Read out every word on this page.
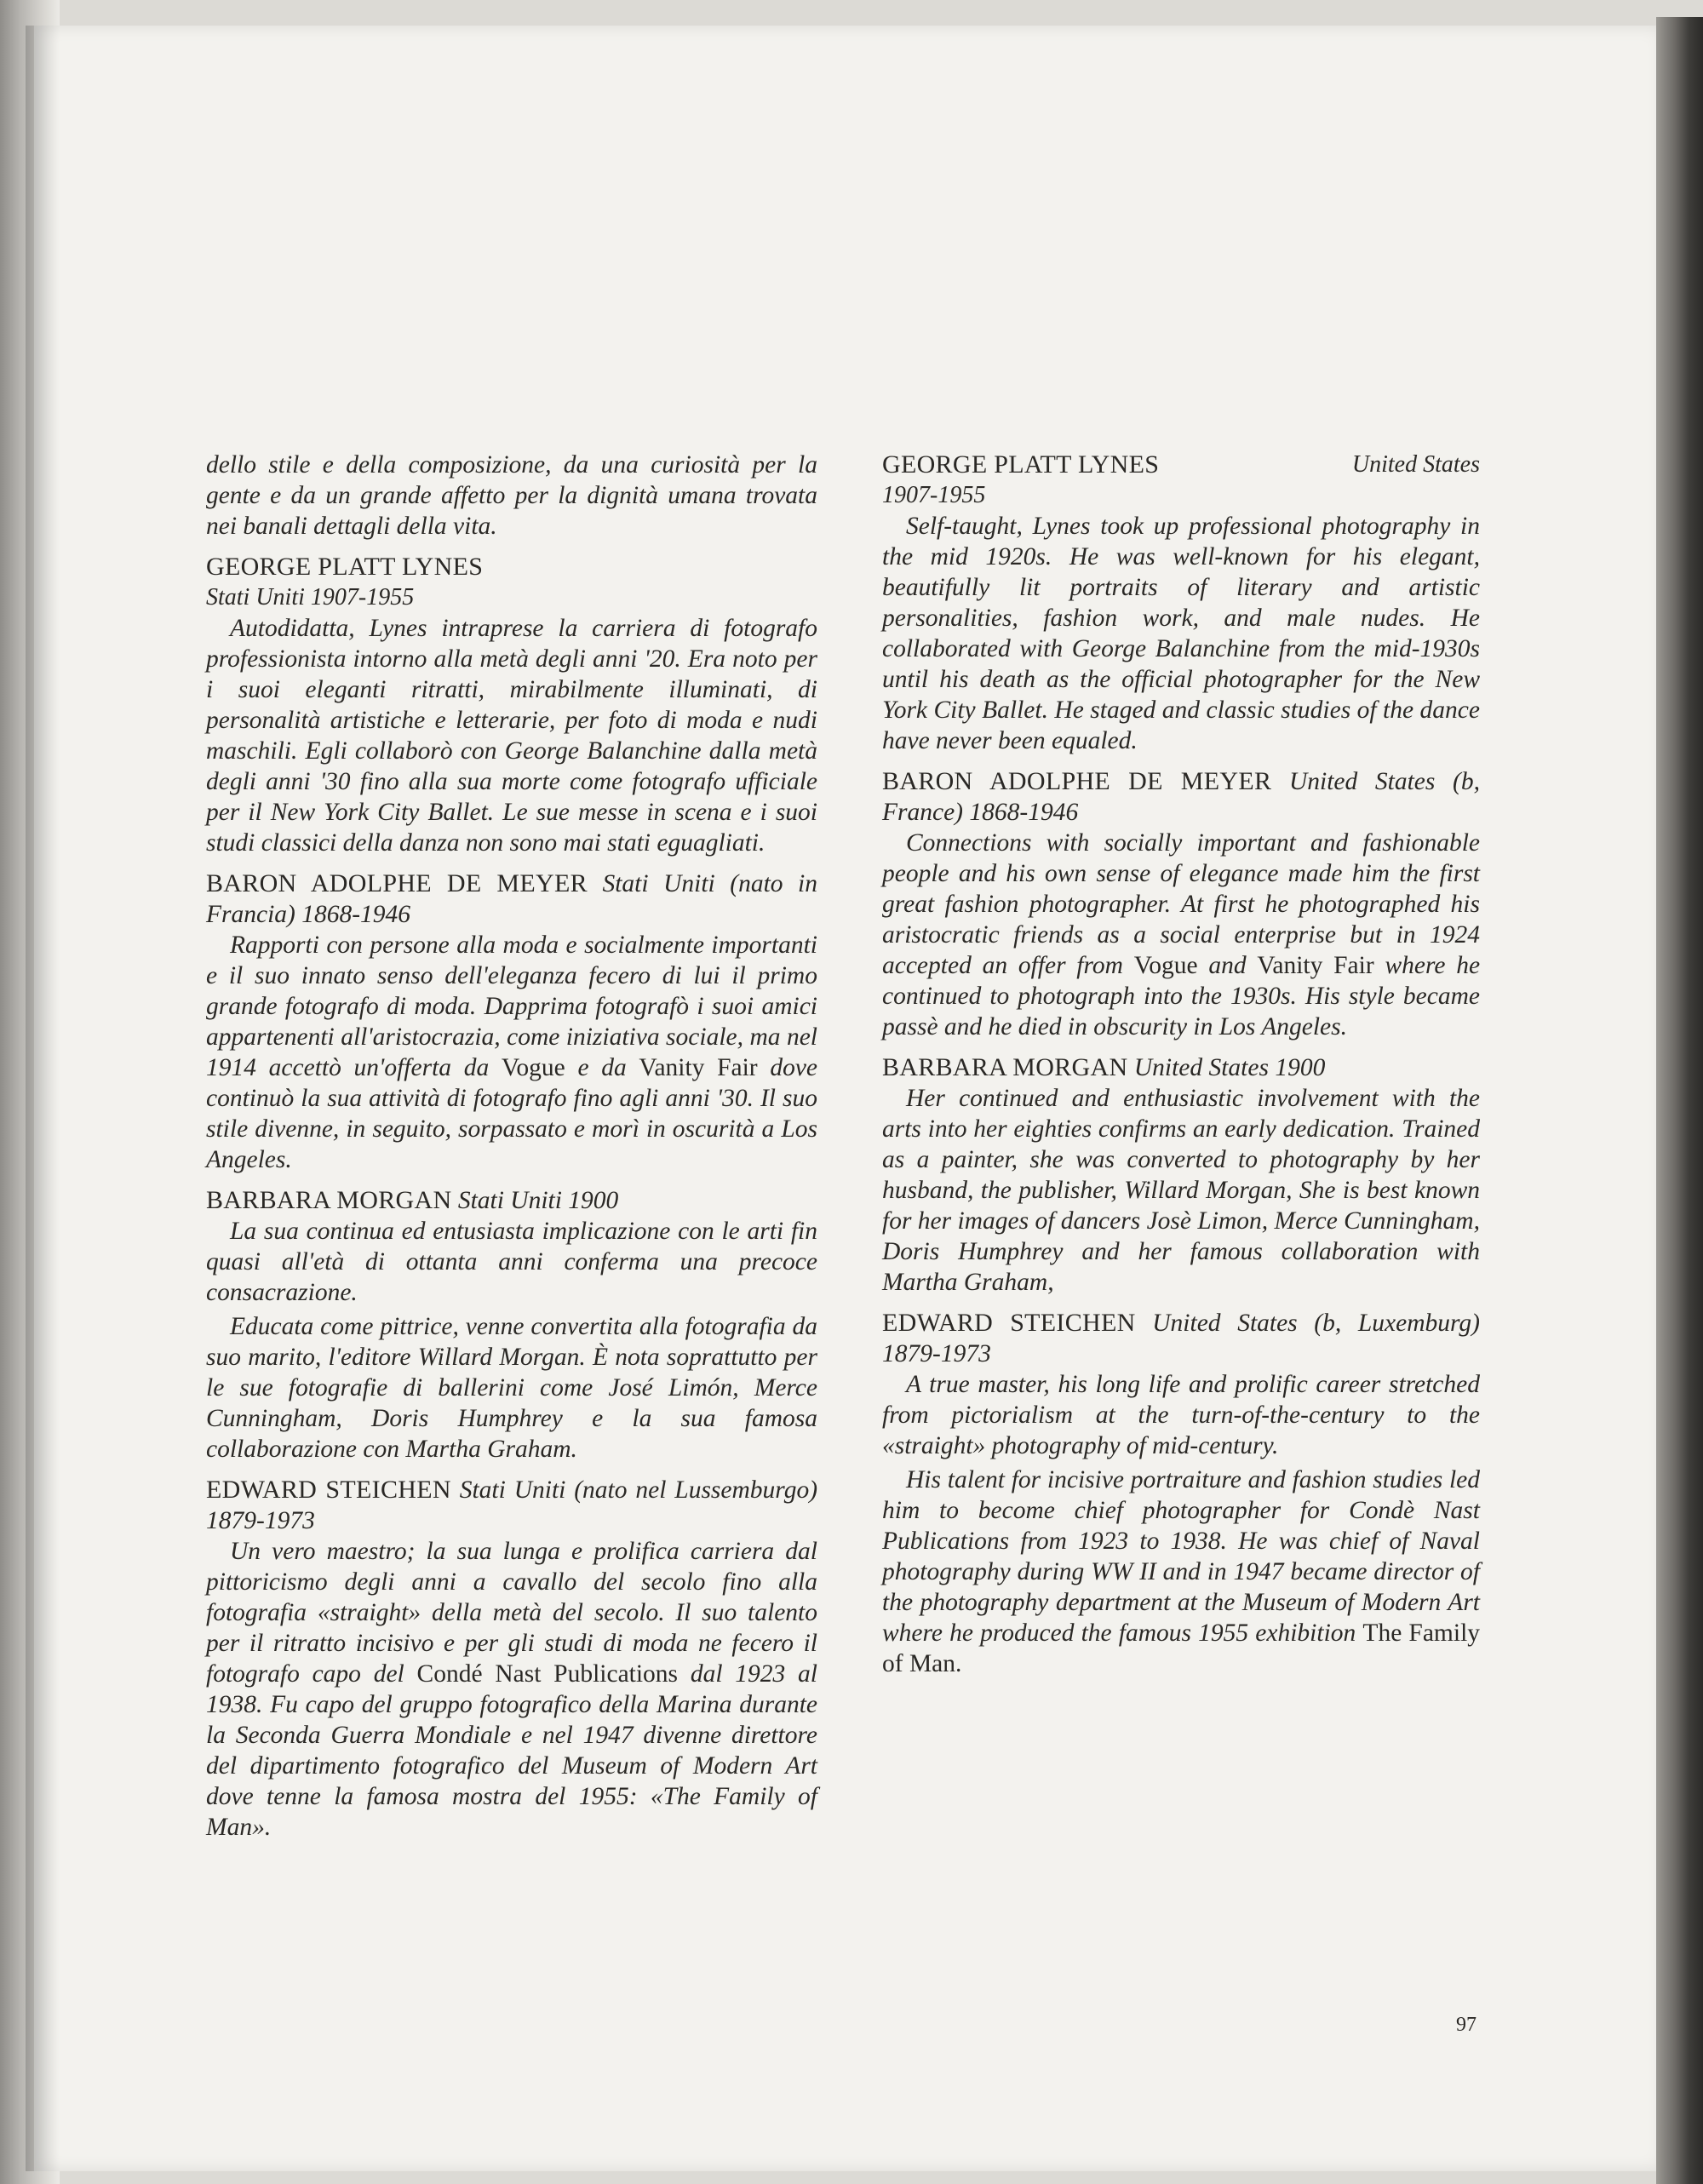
dello stile e della composizione, da una curiosità per la gente e da un grande affetto per la dignità umana trovata nei banali dettagli della vita.

GEORGE PLATT LYNES

Stati Uniti 1907-1955

Autodidatta, Lynes intraprese la carriera di fotografo professionista intorno alla metà degli anni '20. Era noto per i suoi eleganti ritratti, mirabilmente illuminati, di personalità artistiche e letterarie, per foto di moda e nudi maschili. Egli collaborò con George Balanchine dalla metà degli anni '30 fino alla sua morte come fotografo ufficiale per il New York City Ballet. Le sue messe in scena e i suoi studi classici della danza non sono mai stati eguagliati.

BARON ADOLPHE DE MEYER Stati Uniti (nato in Francia) 1868-1946

Rapporti con persone alla moda e socialmente importanti e il suo innato senso dell'eleganza fecero di lui il primo grande fotografo di moda. Dapprima fotografò i suoi amici appartenenti all'aristocrazia, come iniziativa sociale, ma nel 1914 accettò un'offerta da Vogue e da Vanity Fair dove continuò la sua attività di fotografo fino agli anni '30. Il suo stile divenne, in seguito, sorpassato e morì in oscurità a Los Angeles.

BARBARA MORGAN Stati Uniti 1900

La sua continua ed entusiasta implicazione con le arti fin quasi all'età di ottanta anni conferma una precoce consacrazione.

Educata come pittrice, venne convertita alla fotografia da suo marito, l'editore Willard Morgan. È nota soprattutto per le sue fotografie di ballerini come José Limón, Merce Cunningham, Doris Humphrey e la sua famosa collaborazione con Martha Graham.

EDWARD STEICHEN Stati Uniti (nato nel Lussemburgo) 1879-1973

Un vero maestro; la sua lunga e prolifica carriera dal pittoricismo degli anni a cavallo del secolo fino alla fotografia «straight» della metà del secolo. Il suo talento per il ritratto incisivo e per gli studi di moda ne fecero il fotografo capo del Condé Nast Publications dal 1923 al 1938. Fu capo del gruppo fotografico della Marina durante la Seconda Guerra Mondiale e nel 1947 divenne direttore del dipartimento fotografico del Museum of Modern Art dove tenne la famosa mostra del 1955: «The Family of Man».

GEORGE PLATT LYNES	United States

1907-1955

Self-taught, Lynes took up professional photography in the mid 1920s. He was well-known for his elegant, beautifully lit portraits of literary and artistic personalities, fashion work, and male nudes. He collaborated with George Balanchine from the mid-1930s until his death as the official photographer for the New York City Ballet. He staged and classic studies of the dance have never been equaled.

BARON ADOLPHE DE MEYER United States (b, France) 1868-1946

Connections with socially important and fashionable people and his own sense of elegance made him the first great fashion photographer. At first he photographed his aristocratic friends as a social enterprise but in 1924 accepted an offer from Vogue and Vanity Fair where he continued to photograph into the 1930s. His style became passè and he died in obscurity in Los Angeles.

BARBARA MORGAN United States 1900

Her continued and enthusiastic involvement with the arts into her eighties confirms an early dedication. Trained as a painter, she was converted to photography by her husband, the publisher, Willard Morgan, She is best known for her images of dancers Josè Limon, Merce Cunningham, Doris Humphrey and her famous collaboration with Martha Graham,

EDWARD STEICHEN United States (b, Luxemburg) 1879-1973

A true master, his long life and prolific career stretched from pictorialism at the turn-of-the-century to the «straight» photography of mid-century.

His talent for incisive portraiture and fashion studies led him to become chief photographer for Condè Nast Publications from 1923 to 1938. He was chief of Naval photography during WW II and in 1947 became director of the photography department at the Museum of Modern Art where he produced the famous 1955 exhibition The Family of Man.

97
